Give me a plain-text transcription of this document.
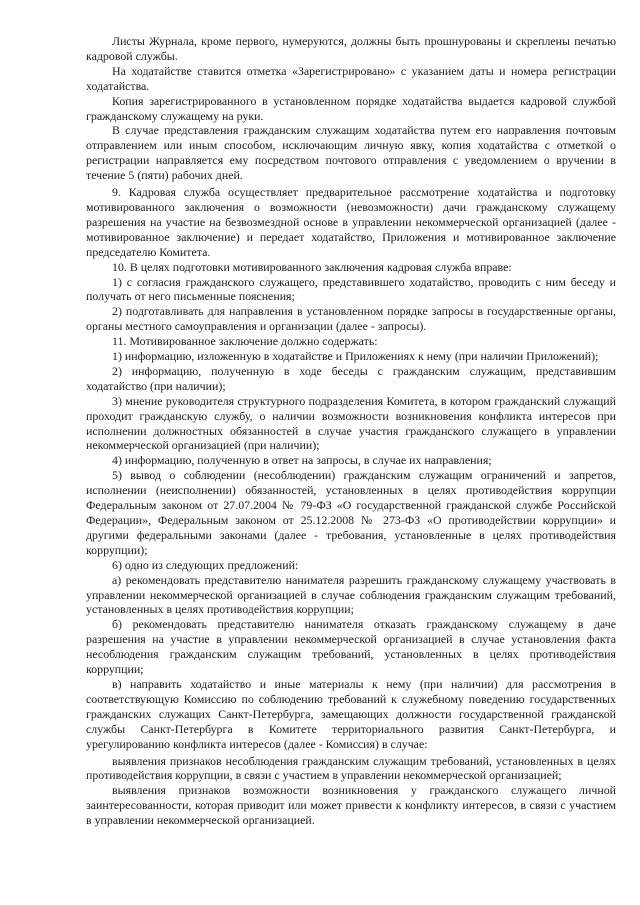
Листы Журнала, кроме первого, нумеруются, должны быть прошнурованы и скреплены печатью кадровой службы.

На ходатайстве ставится отметка «Зарегистрировано» с указанием даты и номера регистрации ходатайства.

Копия зарегистрированного в установленном порядке ходатайства выдается кадровой службой гражданскому служащему на руки.

В случае представления гражданским служащим ходатайства путем его направления почтовым отправлением или иным способом, исключающим личную явку, копия ходатайства с отметкой о регистрации направляется ему посредством почтового отправления с уведомлением о вручении в течение 5 (пяти) рабочих дней.

9. Кадровая служба осуществляет предварительное рассмотрение ходатайства и подготовку мотивированного заключения о возможности (невозможности) дачи гражданскому служащему разрешения на участие на безвозмездной основе в управлении некоммерческой организацией (далее - мотивированное заключение) и передает ходатайство, Приложения и мотивированное заключение председателю Комитета.

10. В целях подготовки мотивированного заключения кадровая служба вправе:

1) с согласия гражданского служащего, представившего ходатайство, проводить с ним беседу и получать от него письменные пояснения;

2) подготавливать для направления в установленном порядке запросы в государственные органы, органы местного самоуправления и организации (далее - запросы).

11. Мотивированное заключение должно содержать:

1) информацию, изложенную в ходатайстве и Приложениях к нему (при наличии Приложений);

2) информацию, полученную в ходе беседы с гражданским служащим, представившим ходатайство (при наличии);

3) мнение руководителя структурного подразделения Комитета, в котором гражданский служащий проходит гражданскую службу, о наличии возможности возникновения конфликта интересов при исполнении должностных обязанностей в случае участия гражданского служащего в управлении некоммерческой организацией (при наличии);

4) информацию, полученную в ответ на запросы, в случае их направления;

5) вывод о соблюдении (несоблюдении) гражданским служащим ограничений и запретов, исполнении (неисполнении) обязанностей, установленных в целях противодействия коррупции Федеральным законом от 27.07.2004 № 79-ФЗ «О государственной гражданской службе Российской Федерации», Федеральным законом от 25.12.2008 № 273-ФЗ «О противодействии коррупции» и другими федеральными законами (далее - требования, установленные в целях противодействия коррупции);

6) одно из следующих предложений:

а) рекомендовать представителю нанимателя разрешить гражданскому служащему участвовать в управлении некоммерческой организацией в случае соблюдения гражданским служащим требований, установленных в целях противодействия коррупции;

б) рекомендовать представителю нанимателя отказать гражданскому служащему в даче разрешения на участие в управлении некоммерческой организацией в случае установления факта несоблюдения гражданским служащим требований, установленных в целях противодействия коррупции;

в) направить ходатайство и иные материалы к нему (при наличии) для рассмотрения в соответствующую Комиссию по соблюдению требований к служебному поведению государственных гражданских служащих Санкт-Петербурга, замещающих должности государственной гражданской службы Санкт-Петербурга в Комитете территориального развития Санкт-Петербурга, и урегулированию конфликта интересов (далее - Комиссия) в случае:

выявления признаков несоблюдения гражданским служащим требований, установленных в целях противодействия коррупции, в связи с участием в управлении некоммерческой организацией;

выявления признаков возможности возникновения у гражданского служащего личной заинтересованности, которая приводит или может привести к конфликту интересов, в связи с участием в управлении некоммерческой организацией.
